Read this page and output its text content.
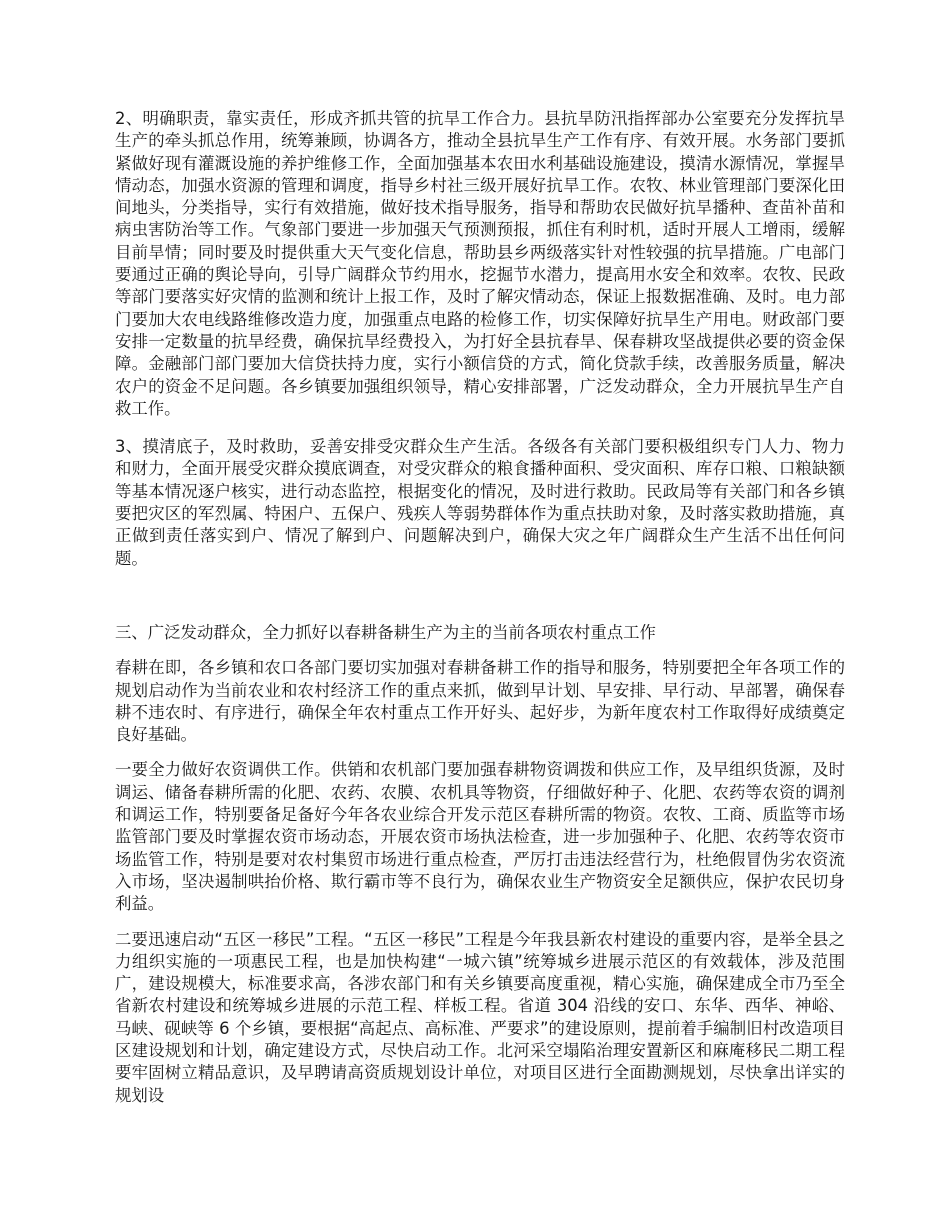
2、明确职责，靠实责任，形成齐抓共管的抗旱工作合力。县抗旱防汛指挥部办公室要充分发挥抗旱生产的牵头抓总作用，统筹兼顾，协调各方，推动全县抗旱生产工作有序、有效开展。水务部门要抓紧做好现有灌溉设施的养护维修工作，全面加强基本农田水利基础设施建设，摸清水源情况，掌握旱情动态，加强水资源的管理和调度，指导乡村社三级开展好抗旱工作。农牧、林业管理部门要深化田间地头，分类指导，实行有效措施，做好技术指导服务，指导和帮助农民做好抗旱播种、查苗补苗和病虫害防治等工作。气象部门要进一步加强天气预测预报，抓住有利时机，适时开展人工增雨，缓解目前旱情；同时要及时提供重大天气变化信息，帮助县乡两级落实针对性较强的抗旱措施。广电部门要通过正确的舆论导向，引导广阔群众节约用水，挖掘节水潜力，提高用水安全和效率。农牧、民政等部门要落实好灾情的监测和统计上报工作，及时了解灾情动态，保证上报数据准确、及时。电力部门要加大农电线路维修改造力度，加强重点电路的检修工作，切实保障好抗旱生产用电。财政部门要安排一定数量的抗旱经费，确保抗旱经费投入，为打好全县抗春旱、保春耕攻坚战提供必要的资金保障。金融部门部门要加大信贷扶持力度，实行小额信贷的方式，简化贷款手续，改善服务质量，解决农户的资金不足问题。各乡镇要加强组织领导，精心安排部署，广泛发动群众，全力开展抗旱生产自救工作。

3、摸清底子，及时救助，妥善安排受灾群众生产生活。各级各有关部门要积极组织专门人力、物力和财力，全面开展受灾群众摸底调查，对受灾群众的粮食播种面积、受灾面积、库存口粮、口粮缺额等基本情况逐户核实，进行动态监控，根据变化的情况，及时进行救助。民政局等有关部门和各乡镇要把灾区的军烈属、特困户、五保户、残疾人等弱势群体作为重点扶助对象，及时落实救助措施，真正做到责任落实到户、情况了解到户、问题解决到户，确保大灾之年广阔群众生产生活不出任何问题。

三、广泛发动群众，全力抓好以春耕备耕生产为主的当前各项农村重点工作

春耕在即，各乡镇和农口各部门要切实加强对春耕备耕工作的指导和服务，特别要把全年各项工作的规划启动作为当前农业和农村经济工作的重点来抓，做到早计划、早安排、早行动、早部署，确保春耕不违农时、有序进行，确保全年农村重点工作开好头、起好步，为新年度农村工作取得好成绩奠定良好基础。

一要全力做好农资调供工作。供销和农机部门要加强春耕物资调拨和供应工作，及早组织货源，及时调运、储备春耕所需的化肥、农药、农膜、农机具等物资，仔细做好种子、化肥、农药等农资的调剂和调运工作，特别要备足备好今年各农业综合开发示范区春耕所需的物资。农牧、工商、质监等市场监管部门要及时掌握农资市场动态，开展农资市场执法检查，进一步加强种子、化肥、农药等农资市场监管工作，特别是要对农村集贸市场进行重点检查，严厉打击违法经营行为，杜绝假冒伪劣农资流入市场，坚决遏制哄抬价格、欺行霸市等不良行为，确保农业生产物资安全足额供应，保护农民切身利益。

二要迅速启动“五区一移民”工程。“五区一移民”工程是今年我县新农村建设的重要内容，是举全县之力组织实施的一项惠民工程，也是加快构建“一城六镇”统筹城乡进展示范区的有效载体，涉及范围广，建设规模大，标准要求高，各涉农部门和有关乡镇要高度重视，精心实施，确保建成全市乃至全省新农村建设和统筹城乡进展的示范工程、样板工程。省道 304 沿线的安口、东华、西华、神峪、马峡、砚峡等 6 个乡镇，要根据“高起点、高标准、严要求”的建设原则，提前着手编制旧村改造项目区建设规划和计划，确定建设方式，尽快启动工作。北河采空塌陷治理安置新区和麻庵移民二期工程要牢固树立精品意识，及早聘请高资质规划设计单位，对项目区进行全面勘测规划，尽快拿出详实的规划设
